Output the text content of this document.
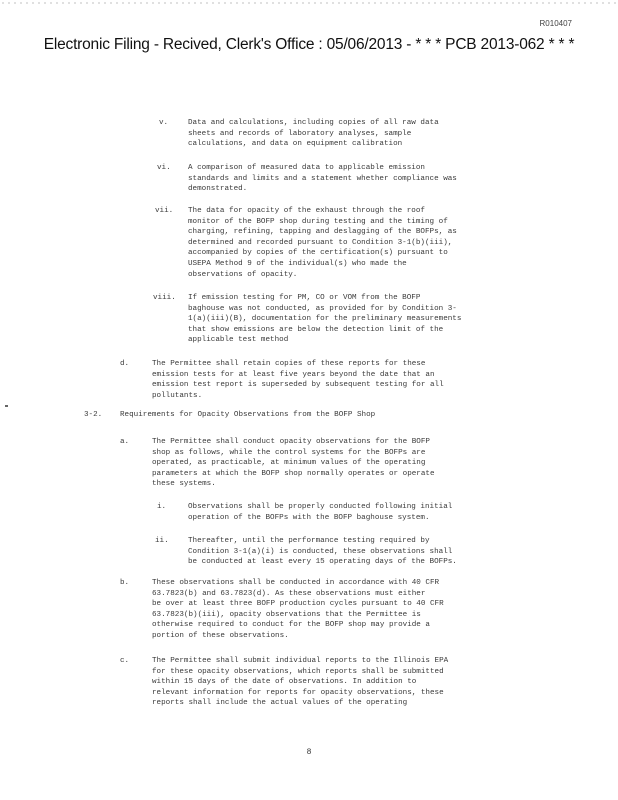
R010407
Electronic Filing - Recived, Clerk's Office : 05/06/2013 - * * * PCB 2013-062 * * *
v.	Data and calculations, including copies of all raw data
sheets and records of laboratory analyses, sample
calculations, and data on equipment calibration
vi. A comparison of measured data to applicable emission
standards and limits and a statement whether compliance was
demonstrated.
vii. The data for opacity of the exhaust through the roof
monitor of the BOFP shop during testing and the timing of
charging, refining, tapping and deslagging of the BOFPs, as
determined and recorded pursuant to Condition 3-1(b)(iii),
accompanied by copies of the certification(s) pursuant to
USEPA Method 9 of the individual(s) who made the
observations of opacity.
viii. If emission testing for PM, CO or VOM from the BOFP
baghouse was not conducted, as provided for by Condition 3-
1(a)(iii)(B), documentation for the preliminary measurements
that show emissions are below the detection limit of the
applicable test method
d.	The Permittee shall retain copies of these reports for these
emission tests for at least five years beyond the date that an
emission test report is superseded by subsequent testing for all
pollutants.
3-2. Requirements for Opacity Observations from the BOFP Shop
a.	The Permittee shall conduct opacity observations for the BOFP
shop as follows, while the control systems for the BOFPs are
operated, as practicable, at minimum values of the operating
parameters at which the BOFP shop normally operates or operate
these systems.
i.	Observations shall be properly conducted following initial
operation of the BOFPs with the BOFP baghouse system.
ii.	Thereafter, until the performance testing required by
Condition 3-1(a)(i) is conducted, these observations shall
be conducted at least every 15 operating days of the BOFPs.
b.	These observations shall be conducted in accordance with 40 CFR
63.7823(b) and 63.7823(d). As these observations must either
be over at least three BOFP production cycles pursuant to 40 CFR
63.7823(b)(iii), opacity observations that the Permittee is
otherwise required to conduct for the BOFP shop may provide a
portion of these observations.
c.	The Permittee shall submit individual reports to the Illinois EPA
for these opacity observations, which reports shall be submitted
within 15 days of the date of observations. In addition to
relevant information for reports for opacity observations, these
reports shall include the actual values of the operating
8
